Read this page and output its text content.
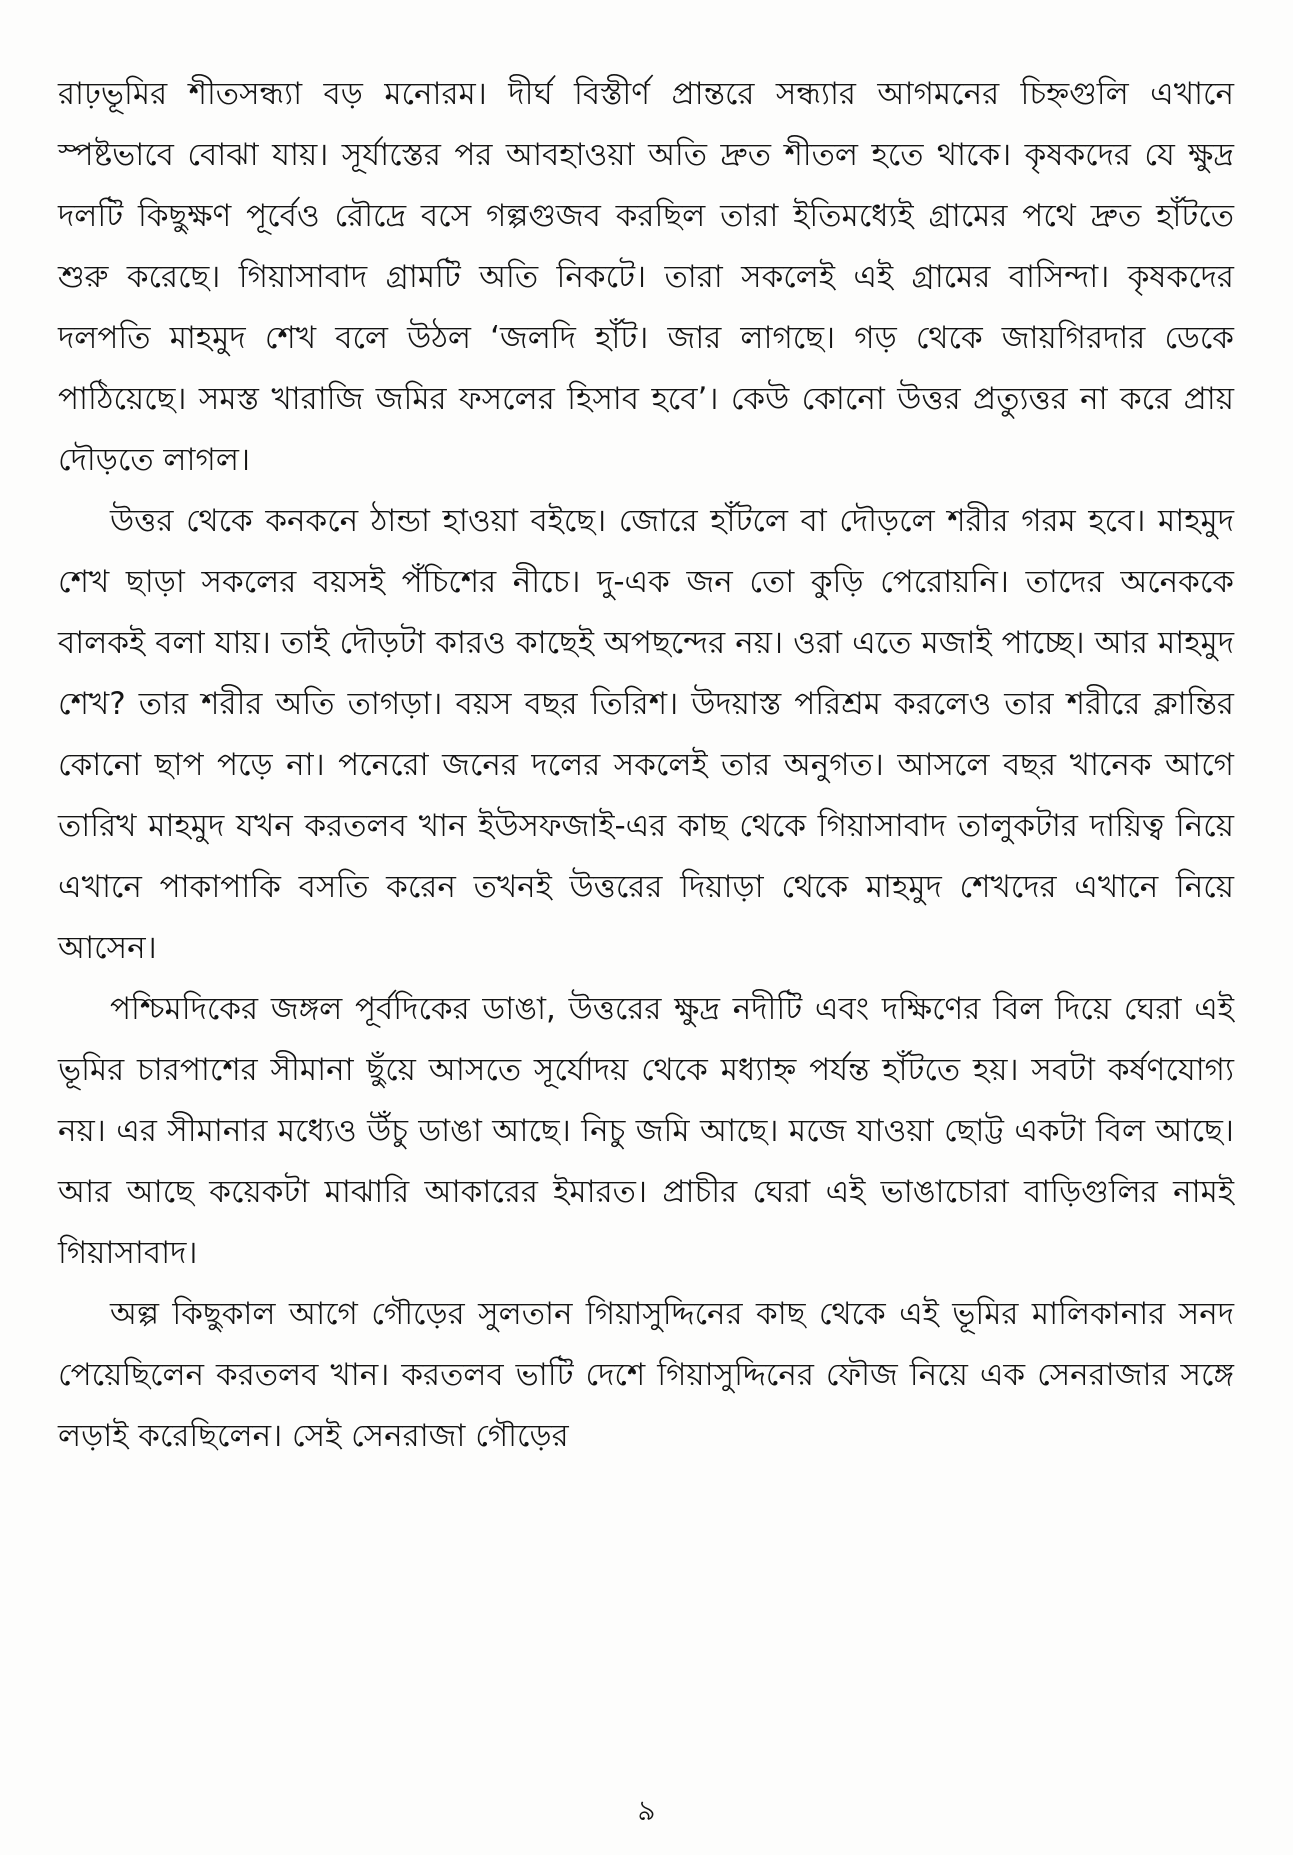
রাঢ়ভূমির শীতসন্ধ্যা বড় মনোরম। দীর্ঘ বিস্তীর্ণ প্রান্তরে সন্ধ্যার আগমনের চিহ্নগুলি এখানে স্পষ্টভাবে বোঝা যায়। সূর্যাস্তের পর আবহাওয়া অতি দ্রুত শীতল হতে থাকে। কৃষকদের যে ক্ষুদ্র দলটি কিছুক্ষণ পূর্বেও রৌদ্রে বসে গল্পগুজব করছিল তারা ইতিমধ্যেই গ্রামের পথে দ্রুত হাঁটতে শুরু করেছে। গিয়াসাবাদ গ্রামটি অতি নিকটে। তারা সকলেই এই গ্রামের বাসিন্দা। কৃষকদের দলপতি মাহমুদ শেখ বলে উঠল ‘জলদি হাঁট। জার লাগছে। গড় থেকে জায়গিরদার ডেকে পাঠিয়েছে। সমস্ত খারাজি জমির ফসলের হিসাব হবে’। কেউ কোনো উত্তর প্রত্যুত্তর না করে প্রায় দৌড়তে লাগল।

উত্তর থেকে কনকনে ঠান্ডা হাওয়া বইছে। জোরে হাঁটলে বা দৌড়লে শরীর গরম হবে। মাহমুদ শেখ ছাড়া সকলের বয়সই পঁচিশের নীচে। দু-এক জন তো কুড়ি পেরোয়নি। তাদের অনেককে বালকই বলা যায়। তাই দৌড়টা কারও কাছেই অপছন্দের নয়। ওরা এতে মজাই পাচ্ছে। আর মাহমুদ শেখ? তার শরীর অতি তাগড়া। বয়স বছর তিরিশ। উদয়াস্ত পরিশ্রম করলেও তার শরীরে ক্লান্তির কোনো ছাপ পড়ে না। পনেরো জনের দলের সকলেই তার অনুগত। আসলে বছর খানেক আগে তারিখ মাহমুদ যখন করতলব খান ইউসফজাই-এর কাছ থেকে গিয়াসাবাদ তালুকটার দায়িত্ব নিয়ে এখানে পাকাপাকি বসতি করেন তখনই উত্তরের দিয়াড়া থেকে মাহমুদ শেখদের এখানে নিয়ে আসেন।

পশ্চিমদিকের জঙ্গল পূর্বদিকের ডাঙা, উত্তরের ক্ষুদ্র নদীটি এবং দক্ষিণের বিল দিয়ে ঘেরা এই ভূমির চারপাশের সীমানা ছুঁয়ে আসতে সূর্যোদয় থেকে মধ্যাহ্ন পর্যন্ত হাঁটতে হয়। সবটা কর্ষণযোগ্য নয়। এর সীমানার মধ্যেও উঁচু ডাঙা আছে। নিচু জমি আছে। মজে যাওয়া ছোট্ট একটা বিল আছে। আর আছে কয়েকটা মাঝারি আকারের ইমারত। প্রাচীর ঘেরা এই ভাঙাচোরা বাড়িগুলির নামই গিয়াসাবাদ।

অল্প কিছুকাল আগে গৌড়ের সুলতান গিয়াসুদ্দিনের কাছ থেকে এই ভূমির মালিকানার সনদ পেয়েছিলেন করতলব খান। করতলব ভাটি দেশে গিয়াসুদ্দিনের ফৌজ নিয়ে এক সেনরাজার সঙ্গে লড়াই করেছিলেন। সেই সেনরাজা গৌড়ের

৯
